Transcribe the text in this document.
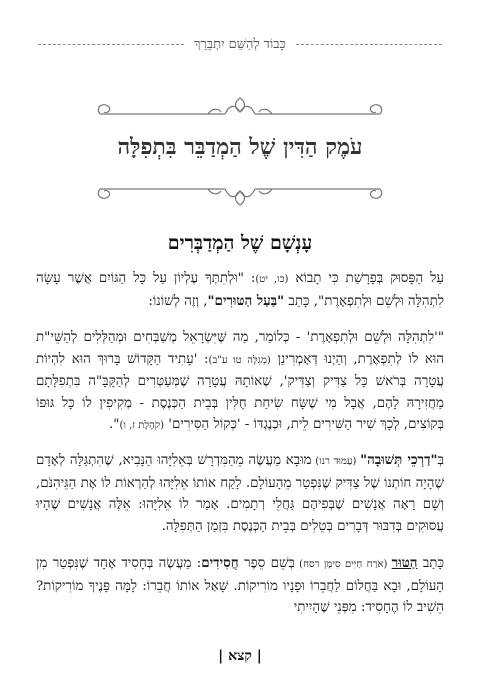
כָּבוֹד לְהַשֵּׁם יִתְבָּרֵךְ
עֹמֶק הַדִּין שֶׁל הַמְדַבֵּר בִּתְפִלָּה
עָנְשָׁם שֶׁל הַמְדַבְּרִים

עַל הַפָּסוּק בְּפָרָשַׁת כִּי תָבוֹא (כו, יט): "וּלְתִתְּךָ עֶלְיוֹן עַל כָּל הַגּוֹיִם אֲשֶׁר עָשָׂה לִתְהִלָּה וּלְשֵׁם וּלְתִפְאָרֶת", כָּתַב "בַּעַל הַטּוּרִים", וְזֶה לְשׁוֹנוֹ:

"'לִתְהִלָּה וּלְשֵׁם וּלְתִפְאָרֶת' - כְּלוֹמַר, מַה שֶּׁיִּשְׂרָאֵל מְשַׁבְּחִים וּמְהַלְּלִים לְהַשֵּׁי"ת הוּא לוֹ לְתִפְאֶרֶת, וְהַיְנוּ דְּאָמְרִינַן (מְגִלָּה טו ע"ב): 'עָתִיד הַקָּדוֹשׁ בָּרוּךְ הוּא לִהְיוֹת עֲטָרָה בְּרֹאשׁ כָּל צַדִּיק וְצַדִּיק', שֶׁאוֹתָהּ עֲטָרָה שֶׁמְּעַטְּרִים לְהַקָּבָּ"ה בִּתְפִלָּתָם מַחֲזִירָהּ לָהֶם, אֲבָל מִי שֶׁשָּׂח שִׂיחַת חֻלִּין בְּבֵית הַכְּנֶסֶת - מְקִיפִין לוֹ כָּל גּוּפוֹ בְּקוֹצִים, לְכָךְ שִׁיר הַשִּׁירִים לֵית, וּכְנֶגְדּוֹ - 'כְּקוֹל הַסִּירִים' (קֹהֶלֶת ז, ו)".

בְּ"דַרְכֵי תְּשׁוּבָה" (עַמּוּד רנו) מוּבָא מַעֲשֶׂה מֵהַמִּדְרָשׁ בְּאֵלִיָּהוּ הַנָּבִיא, שֶׁהִתְגַּלָּה לְאָדָם שֶׁהָיָה חוֹתְנוֹ שֶׁל צַדִּיק שֶׁנִּפְטַר מֵהָעוֹלָם. לָקַח אוֹתוֹ אֵלִיָּהוּ לְהַרְאוֹת לוֹ אֶת הַגֵּיהִנֹּם, וְשָׁם רָאָה אֲנָשִׁים שֶׁבְּפִיהֶם גַּחֲלֵי רְתָמִים. אָמַר לוֹ אֵלִיָּהוּ: אֵלֶּה אֲנָשִׁים שֶׁהָיוּ עֲסוּקִים בְּדִבּוּר דְּבָרִים בְּטֵלִים בְּבֵית הַכְּנֶסֶת בִּזְמַן הַתְּפִלָּה.

כָּתַב הַטּוּר (אֹרַח חַיִּים סִימָן רסח) בְּשֵׁם סֵפֶר חֲסִידִים: מַעֲשֶׂה בְּחָסִיד אֶחָד שֶׁנִּפְטַר מִן הָעוֹלָם, וּבָא בַּחֲלוֹם לַחֲבֵרוֹ וּפָנָיו מוֹרִיקוֹת. שָׁאַל אוֹתוֹ חֲבֵרוֹ: לָמָּה פָּנֶיךָ מוֹרִיקוֹת? הֵשִׁיב לוֹ הֶחָסִיד: מִפְּנֵי שֶׁהָיִיתִי

| קצא |
